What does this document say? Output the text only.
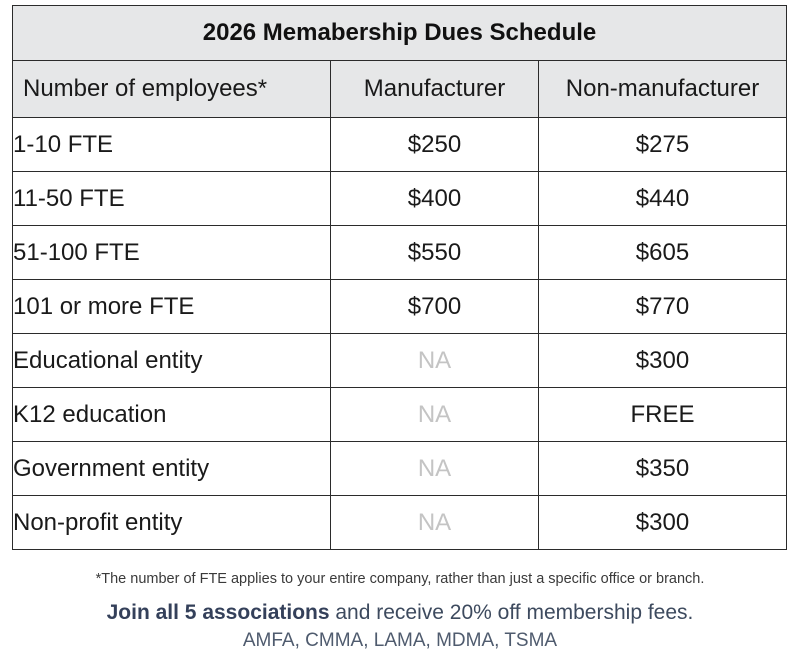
2026 Memabership Dues Schedule		
Number of employees*	Manufacturer	Non-manufacturer
1-10 FTE	$250	$275
11-50 FTE	$400	$440
51-100 FTE	$550	$605
101 or more FTE	$700	$770
Educational entity	NA	$300
K12 education	NA	FREE
Government entity	NA	$350
Non-profit entity	NA	$300
*The number of FTE applies to your entire company, rather than just a specific office or branch.
Join all 5 associations and receive 20% off membership fees.
AMFA, CMMA, LAMA, MDMA, TSMA
